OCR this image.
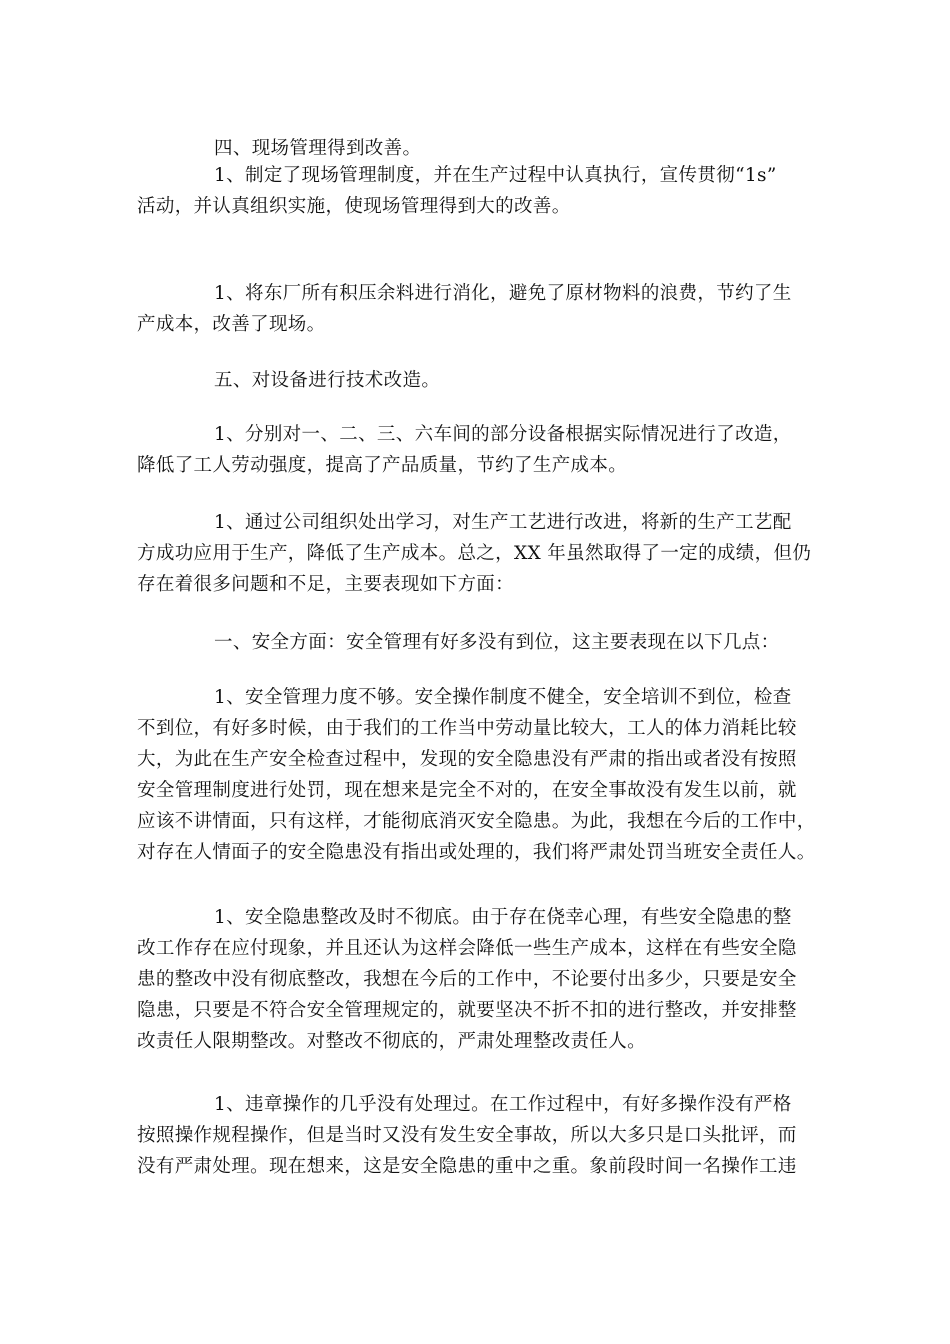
四、现场管理得到改善。
1、制定了现场管理制度，并在生产过程中认真执行，宣传贯彻“1s”
活动，并认真组织实施，使现场管理得到大的改善。
1、将东厂所有积压余料进行消化，避免了原材物料的浪费，节约了生
产成本，改善了现场。
五、对设备进行技术改造。
1、分别对一、二、三、六车间的部分设备根据实际情况进行了改造，
降低了工人劳动强度，提高了产品质量，节约了生产成本。
1、通过公司组织处出学习，对生产工艺进行改进，将新的生产工艺配
方成功应用于生产，降低了生产成本。总之，XX 年虽然取得了一定的成绩，但仍
存在着很多问题和不足，主要表现如下方面：
一、安全方面：安全管理有好多没有到位，这主要表现在以下几点：
1、安全管理力度不够。安全操作制度不健全，安全培训不到位，检查
不到位，有好多时候，由于我们的工作当中劳动量比较大，工人的体力消耗比较
大，为此在生产安全检查过程中，发现的安全隐患没有严肃的指出或者没有按照
安全管理制度进行处罚，现在想来是完全不对的，在安全事故没有发生以前，就
应该不讲情面，只有这样，才能彻底消灭安全隐患。为此，我想在今后的工作中，
对存在人情面子的安全隐患没有指出或处理的，我们将严肃处罚当班安全责任人。
1、安全隐患整改及时不彻底。由于存在侥幸心理，有些安全隐患的整
改工作存在应付现象，并且还认为这样会降低一些生产成本，这样在有些安全隐
患的整改中没有彻底整改，我想在今后的工作中，不论要付出多少，只要是安全
隐患，只要是不符合安全管理规定的，就要坚决不折不扣的进行整改，并安排整
改责任人限期整改。对整改不彻底的，严肃处理整改责任人。
1、违章操作的几乎没有处理过。在工作过程中，有好多操作没有严格
按照操作规程操作，但是当时又没有发生安全事故，所以大多只是口头批评，而
没有严肃处理。现在想来，这是安全隐患的重中之重。象前段时间一名操作工违
